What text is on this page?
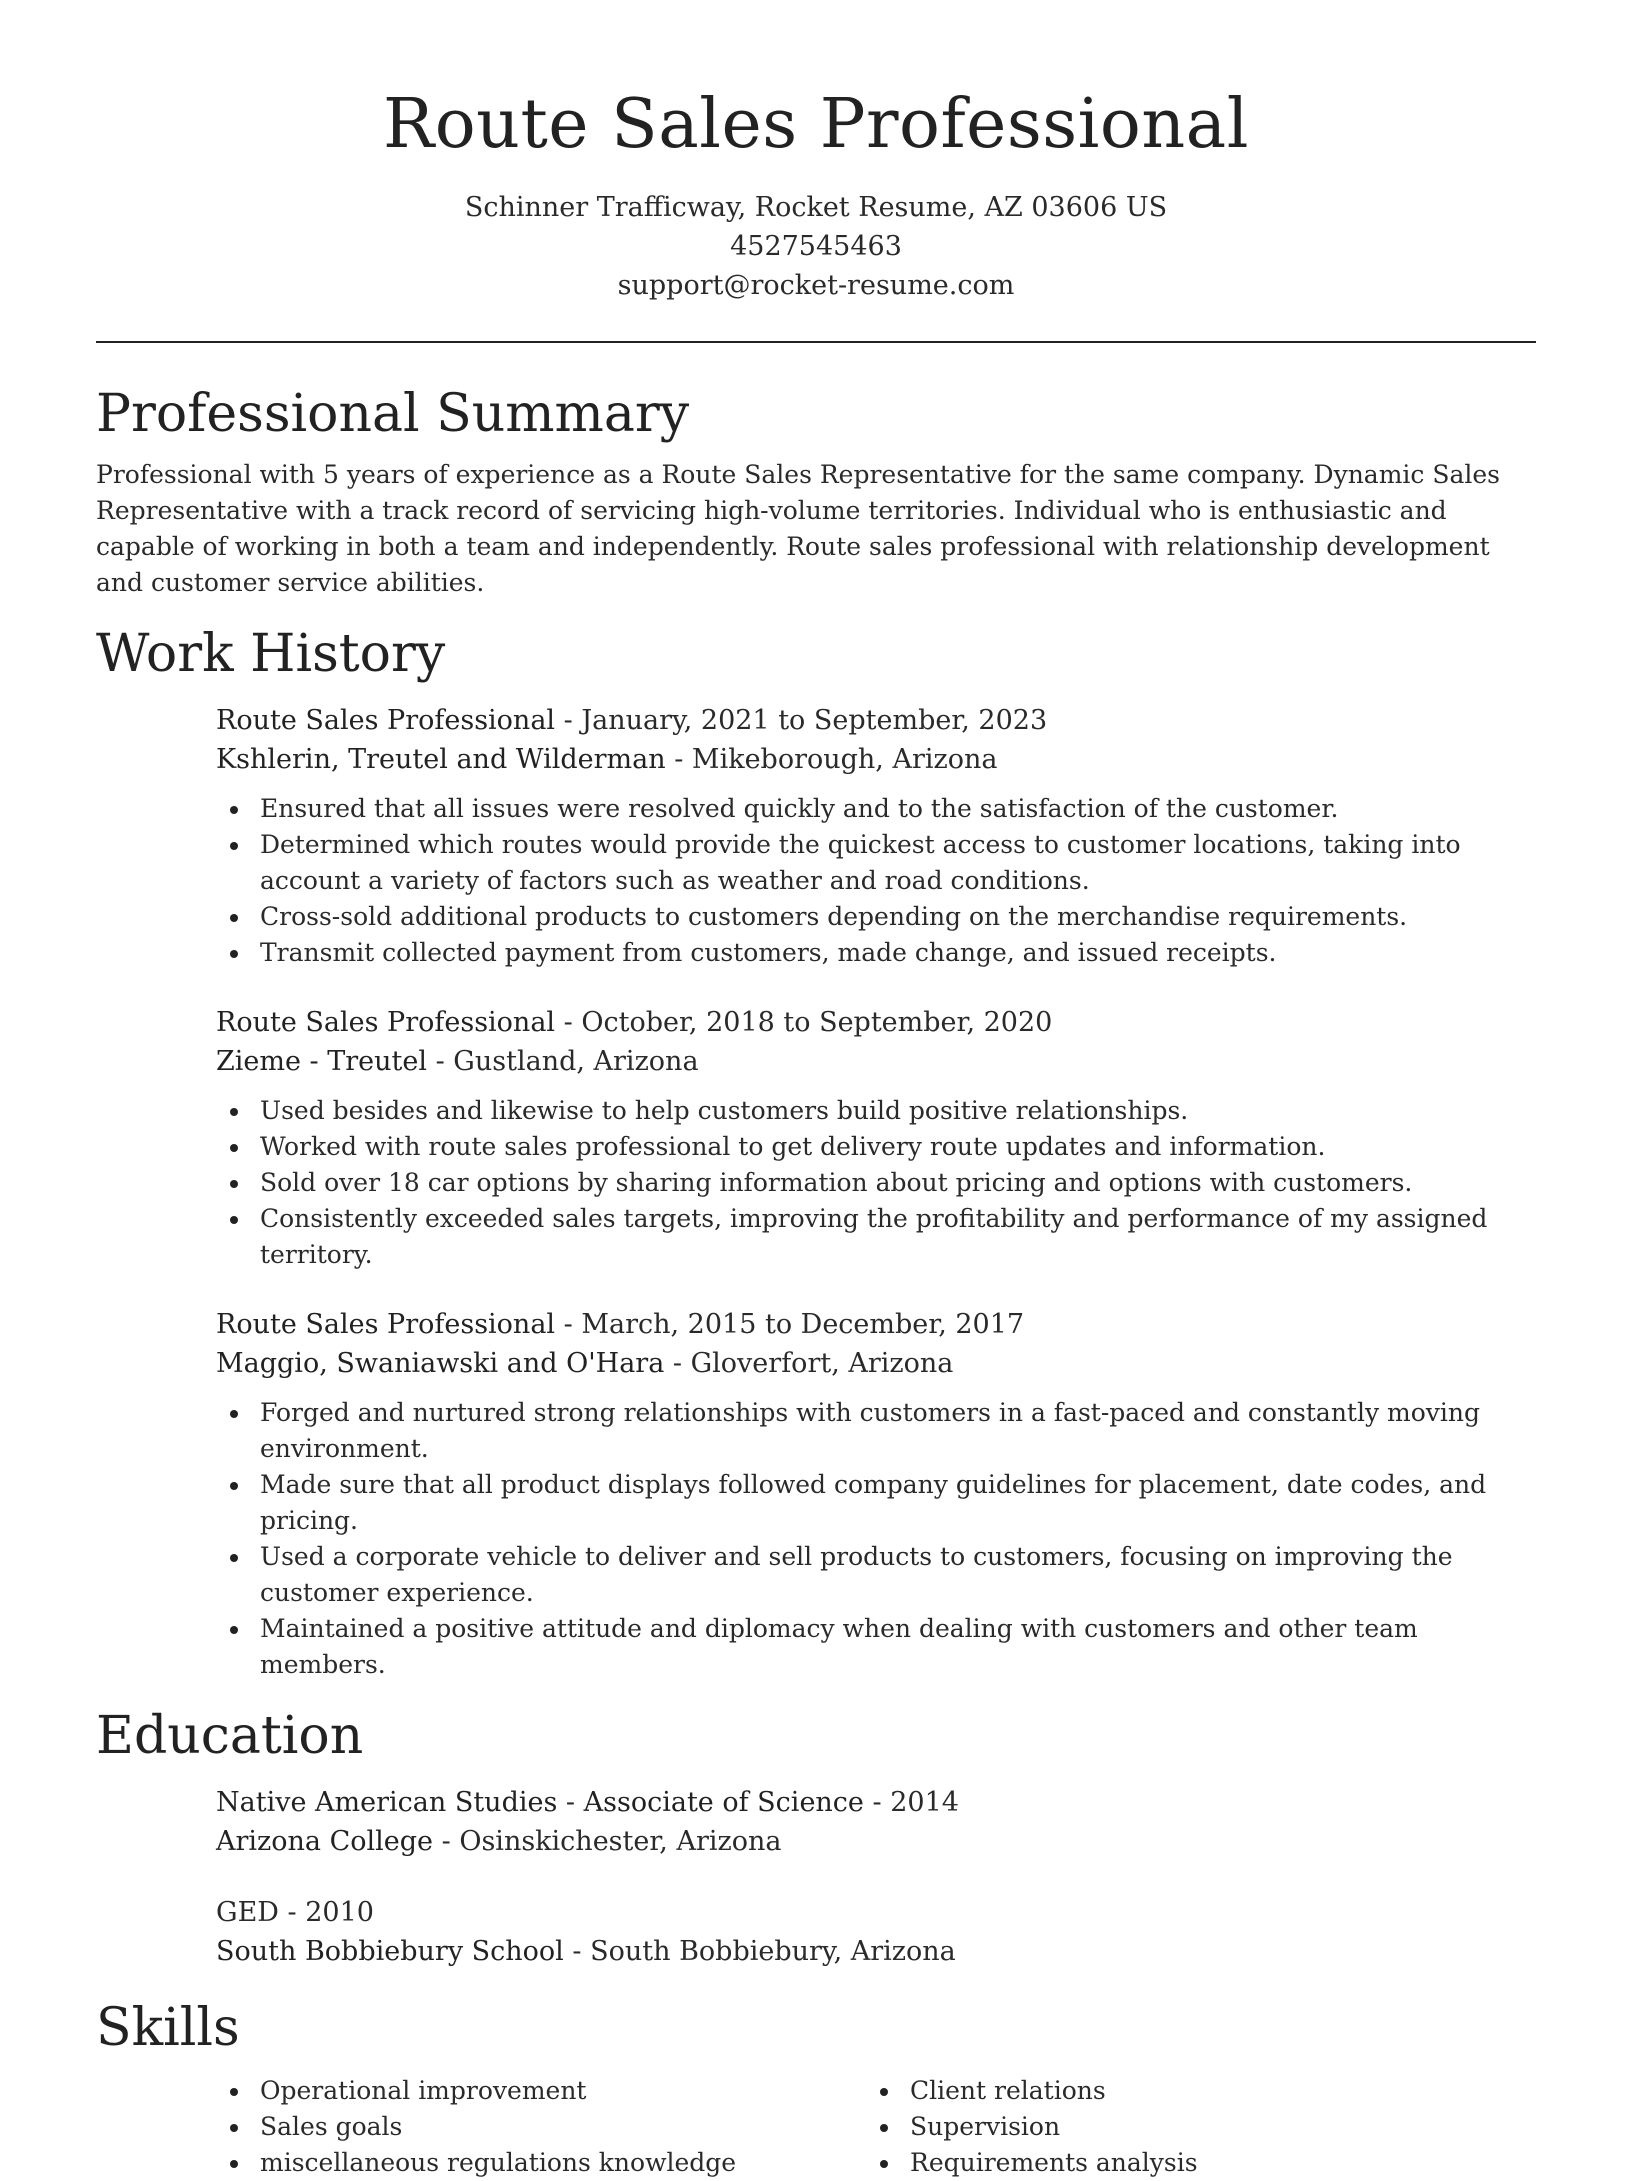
Route Sales Professional
Schinner Trafficway, Rocket Resume, AZ 03606 US
4527545463
support@rocket-resume.com
Professional Summary

Professional with 5 years of experience as a Route Sales Representative for the same company. Dynamic Sales Representative with a track record of servicing high-volume territories. Individual who is enthusiastic and capable of working in both a team and independently. Route sales professional with relationship development and customer service abilities.

Work History
Route Sales Professional - January, 2021 to September, 2023
Kshlerin, Treutel and Wilderman - Mikeborough, Arizona
Ensured that all issues were resolved quickly and to the satisfaction of the customer.
Determined which routes would provide the quickest access to customer locations, taking into account a variety of factors such as weather and road conditions.
Cross-sold additional products to customers depending on the merchandise requirements.
Transmit collected payment from customers, made change, and issued receipts.
Route Sales Professional - October, 2018 to September, 2020
Zieme - Treutel - Gustland, Arizona
Used besides and likewise to help customers build positive relationships.
Worked with route sales professional to get delivery route updates and information.
Sold over 18 car options by sharing information about pricing and options with customers.
Consistently exceeded sales targets, improving the profitability and performance of my assigned territory.
Route Sales Professional - March, 2015 to December, 2017
Maggio, Swaniawski and O'Hara - Gloverfort, Arizona
Forged and nurtured strong relationships with customers in a fast-paced and constantly moving environment.
Made sure that all product displays followed company guidelines for placement, date codes, and pricing.
Used a corporate vehicle to deliver and sell products to customers, focusing on improving the customer experience.
Maintained a positive attitude and diplomacy when dealing with customers and other team members.
Education
Native American Studies - Associate of Science - 2014
Arizona College - Osinskichester, Arizona
GED - 2010
South Bobbiebury School - South Bobbiebury, Arizona
Skills
Operational improvement
Sales goals
miscellaneous regulations knowledge
Client relations
Supervision
Requirements analysis
